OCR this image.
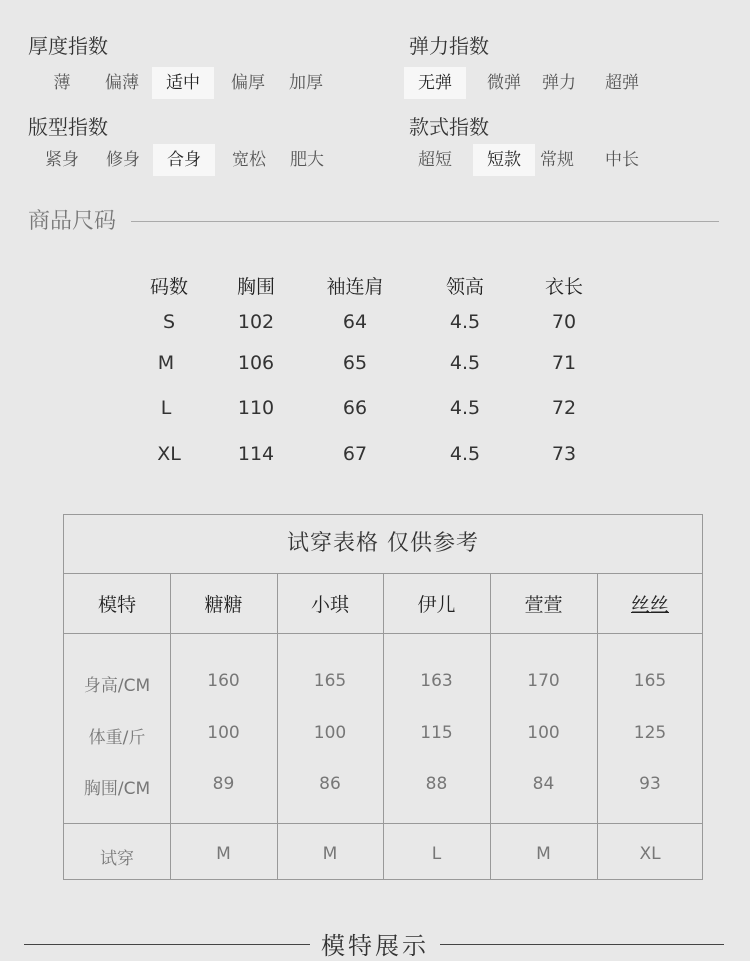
厚度指数
薄	偏薄	适中	偏厚	加厚
弹力指数
无弹	微弹	弹力	超弹
版型指数
紧身	修身	合身	宽松	肥大
款式指数
超短	短款	常规	中长
商品尺码
码数	胸围	袖连肩	领高	衣长
S	102	64	4.5	70
M	106	65	4.5	71
L	110	66	4.5	72
XL	114	67	4.5	73
试穿表格 仅供参考
模特	糖糖	小琪	伊儿	萱萱	丝丝
身高/CM	160	165	163	170	165
体重/斤	100	100	115	100	125
胸围/CM	89	86	88	84	93
试穿	M	M	L	M	XL
模特展示
